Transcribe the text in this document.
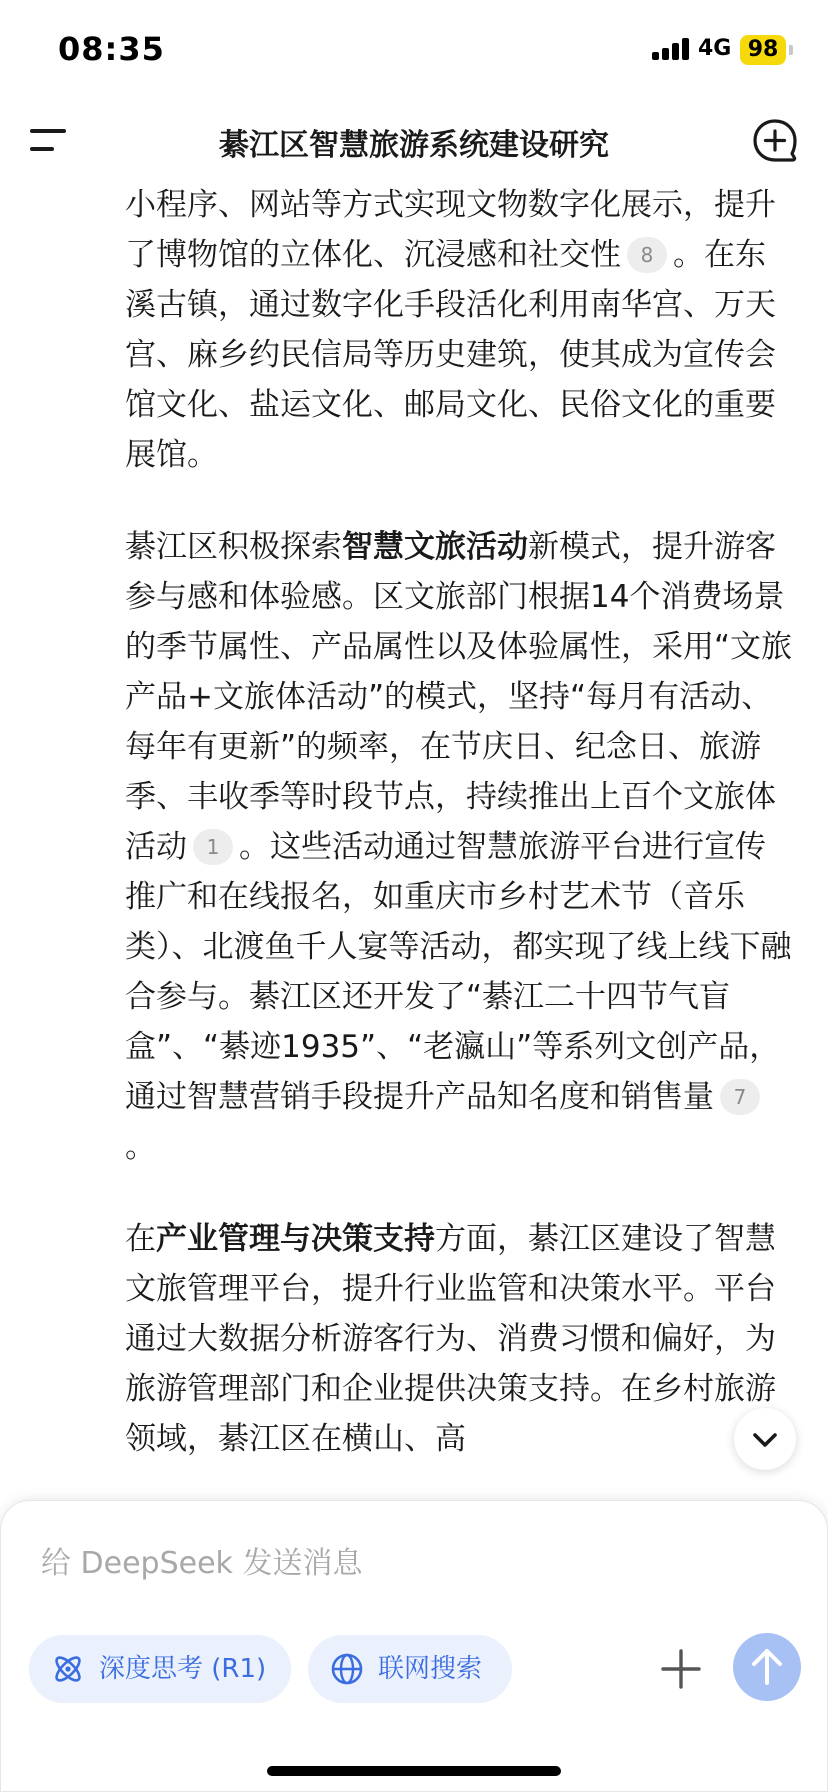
08:35	4G 98
綦江区智慧旅游系统建设研究

小程序、网站等方式实现文物数字化展示，提升了博物馆的立体化、沉浸感和社交性 8 。在东溪古镇，通过数字化手段活化利用南华宫、万天宫、麻乡约民信局等历史建筑，使其成为宣传会馆文化、盐运文化、邮局文化、民俗文化的重要展馆。

綦江区积极探索智慧文旅活动新模式，提升游客参与感和体验感。区文旅部门根据14个消费场景的季节属性、产品属性以及体验属性，采用“文旅产品+文旅体活动”的模式，坚持“每月有活动、每年有更新”的频率，在节庆日、纪念日、旅游季、丰收季等时段节点，持续推出上百个文旅体活动 1 。这些活动通过智慧旅游平台进行宣传推广和在线报名，如重庆市乡村艺术节（音乐类）、北渡鱼千人宴等活动，都实现了线上线下融合参与。綦江区还开发了“綦江二十四节气盲盒”、“綦迹1935”、“老瀛山”等系列文创产品，通过智慧营销手段提升产品知名度和销售量 7。

在产业管理与决策支持方面，綦江区建设了智慧文旅管理平台，提升行业监管和决策水平。平台通过大数据分析游客行为、消费习惯和偏好，为旅游管理部门和企业提供决策支持。在乡村旅游领域，綦江区在横山、高

给 DeepSeek 发送消息
深度思考 (R1)	联网搜索
